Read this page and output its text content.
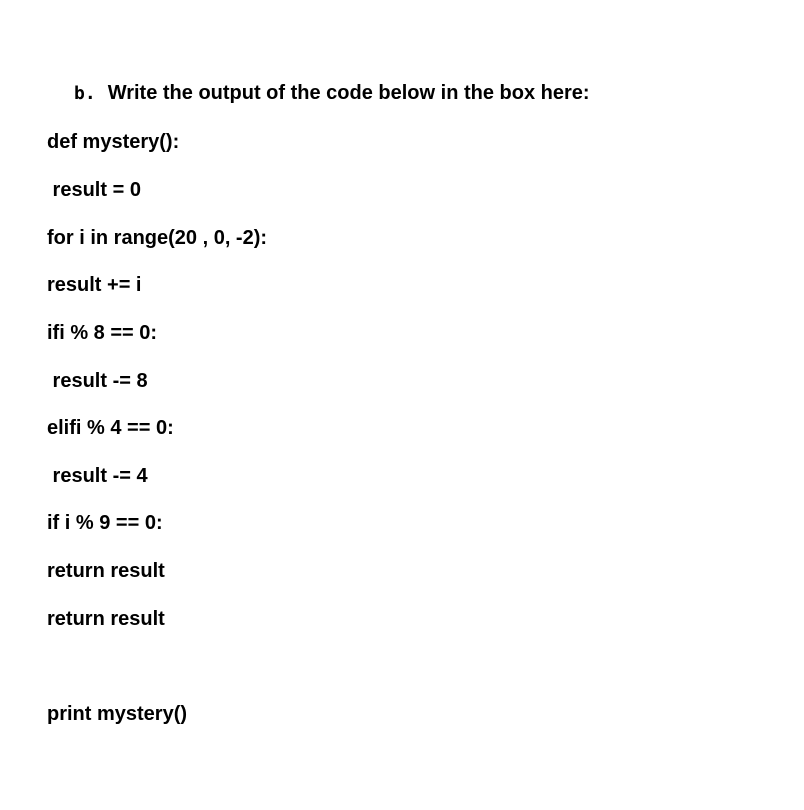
b. Write the output of the code below in the box here:
def mystery():
result = 0
for i in range(20 , 0, -2):
result += i
ifi % 8 == 0:
result -= 8
elifi % 4 == 0:
result -= 4
if i % 9 == 0:
return result
return result
print mystery()
